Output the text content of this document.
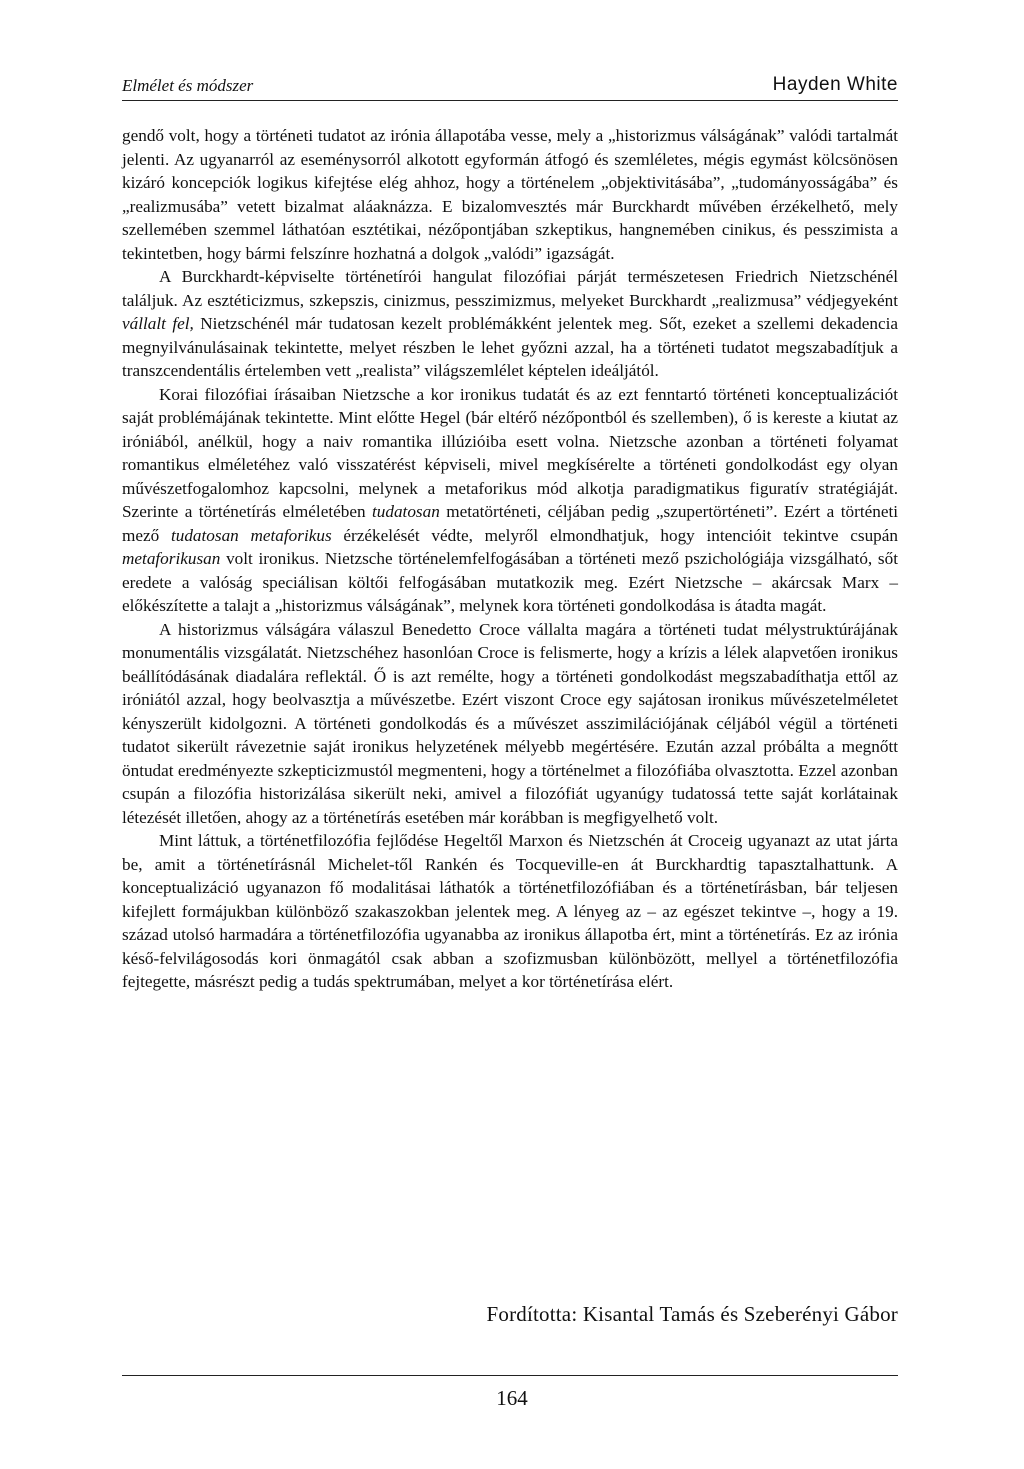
Elmélet és módszer	Hayden White

gendő volt, hogy a történeti tudatot az irónia állapotába vesse, mely a „historizmus válságának” valódi tartalmát jelenti. Az ugyanarról az eseménysorról alkotott egyformán átfogó és szemléletes, mégis egymást kölcsönösen kizáró koncepciók logikus kifejtése elég ahhoz, hogy a történelem „objektivitásába”, „tudományosságába” és „realizmusába” vetett bizalmat aláaknázza. E bizalomvesztés már Burckhardt művében érzékelhető, mely szellemében szemmel láthatóan esztétikai, nézőpontjában szkeptikus, hangnemében cinikus, és pesszimista a tekintetben, hogy bármi felszínre hozhatná a dolgok „valódi” igazságát.

A Burckhardt-képviselte történetírói hangulat filozófiai párját természetesen Friedrich Nietzschénél találjuk. Az esztéticizmus, szkepszis, cinizmus, pesszimizmus, melyeket Burckhardt „realizmusa” védjegyeként vállalt fel, Nietzschénél már tudatosan kezelt problémákként jelentek meg. Sőt, ezeket a szellemi dekadencia megnyilvánulásainak tekintette, melyet részben le lehet győzni azzal, ha a történeti tudatot megszabadítjuk a transzcendentális értelemben vett „realista” világszemlélet képtelen ideáljától.

Korai filozófiai írásaiban Nietzsche a kor ironikus tudatát és az ezt fenntartó történeti konceptualizációt saját problémájának tekintette. Mint előtte Hegel (bár eltérő nézőpontból és szellemben), ő is kereste a kiutat az iróniából, anélkül, hogy a naiv romantika illúzióiba esett volna. Nietzsche azonban a történeti folyamat romantikus elméletéhez való visszatérést képviseli, mivel megkísérelte a történeti gondolkodást egy olyan művészetfogalomhoz kapcsolni, melynek a metaforikus mód alkotja paradigmatikus figuratív stratégiáját. Szerinte a történetírás elméletében tudatosan metatörténeti, céljában pedig „szupertörténeti”. Ezért a történeti mező tudatosan metaforikus érzékelését védte, melyről elmondhatjuk, hogy intencióit tekintve csupán metaforikusan volt ironikus. Nietzsche történelemfelfogásában a történeti mező pszichológiája vizsgálható, sőt eredete a valóság speciálisan költői felfogásában mutatkozik meg. Ezért Nietzsche – akárcsak Marx – előkészítette a talajt a „historizmus válságának”, melynek kora történeti gondolkodása is átadta magát.

A historizmus válságára válaszul Benedetto Croce vállalta magára a történeti tudat mélystruktúrájának monumentális vizsgálatát. Nietzschéhez hasonlóan Croce is felismerte, hogy a krízis a lélek alapvetően ironikus beállítódásának diadalára reflektál. Ő is azt remélte, hogy a történeti gondolkodást megszabadíthatja ettől az iróniától azzal, hogy beolvasztja a művészetbe. Ezért viszont Croce egy sajátosan ironikus művészetelméletet kényszerült kidolgozni. A történeti gondolkodás és a művészet asszimilációjának céljából végül a történeti tudatot sikerült rávezetnie saját ironikus helyzetének mélyebb megértésére. Ezután azzal próbálta a megnőtt öntudat eredményezte szkepticizmustól megmenteni, hogy a történelmet a filozófiába olvasztotta. Ezzel azonban csupán a filozófia historizálása sikerült neki, amivel a filozófiát ugyanúgy tudatossá tette saját korlátainak létezését illetően, ahogy az a történetírás esetében már korábban is megfigyelhető volt.

Mint láttuk, a történetfilozófia fejlődése Hegeltől Marxon és Nietzschén át Croceig ugyanazt az utat járta be, amit a történetírásnál Michelet-től Rankén és Tocqueville-en át Burckhardtig tapasztalhattunk. A konceptualizáció ugyanazon fő modalitásai láthatók a történetfilozófiában és a történetírásban, bár teljesen kifejlett formájukban különböző szakaszokban jelentek meg. A lényeg az – az egészet tekintve –, hogy a 19. század utolsó harmadára a történetfilozófia ugyanabba az ironikus állapotba ért, mint a történetírás. Ez az irónia késő-felvilágosodás kori önmagától csak abban a szofizmusban különbözött, mellyel a történetfilozófia fejtegette, másrészt pedig a tudás spektrumában, melyet a kor történetírása elért.

Fordította: Kisantal Tamás és Szeberényi Gábor
164
